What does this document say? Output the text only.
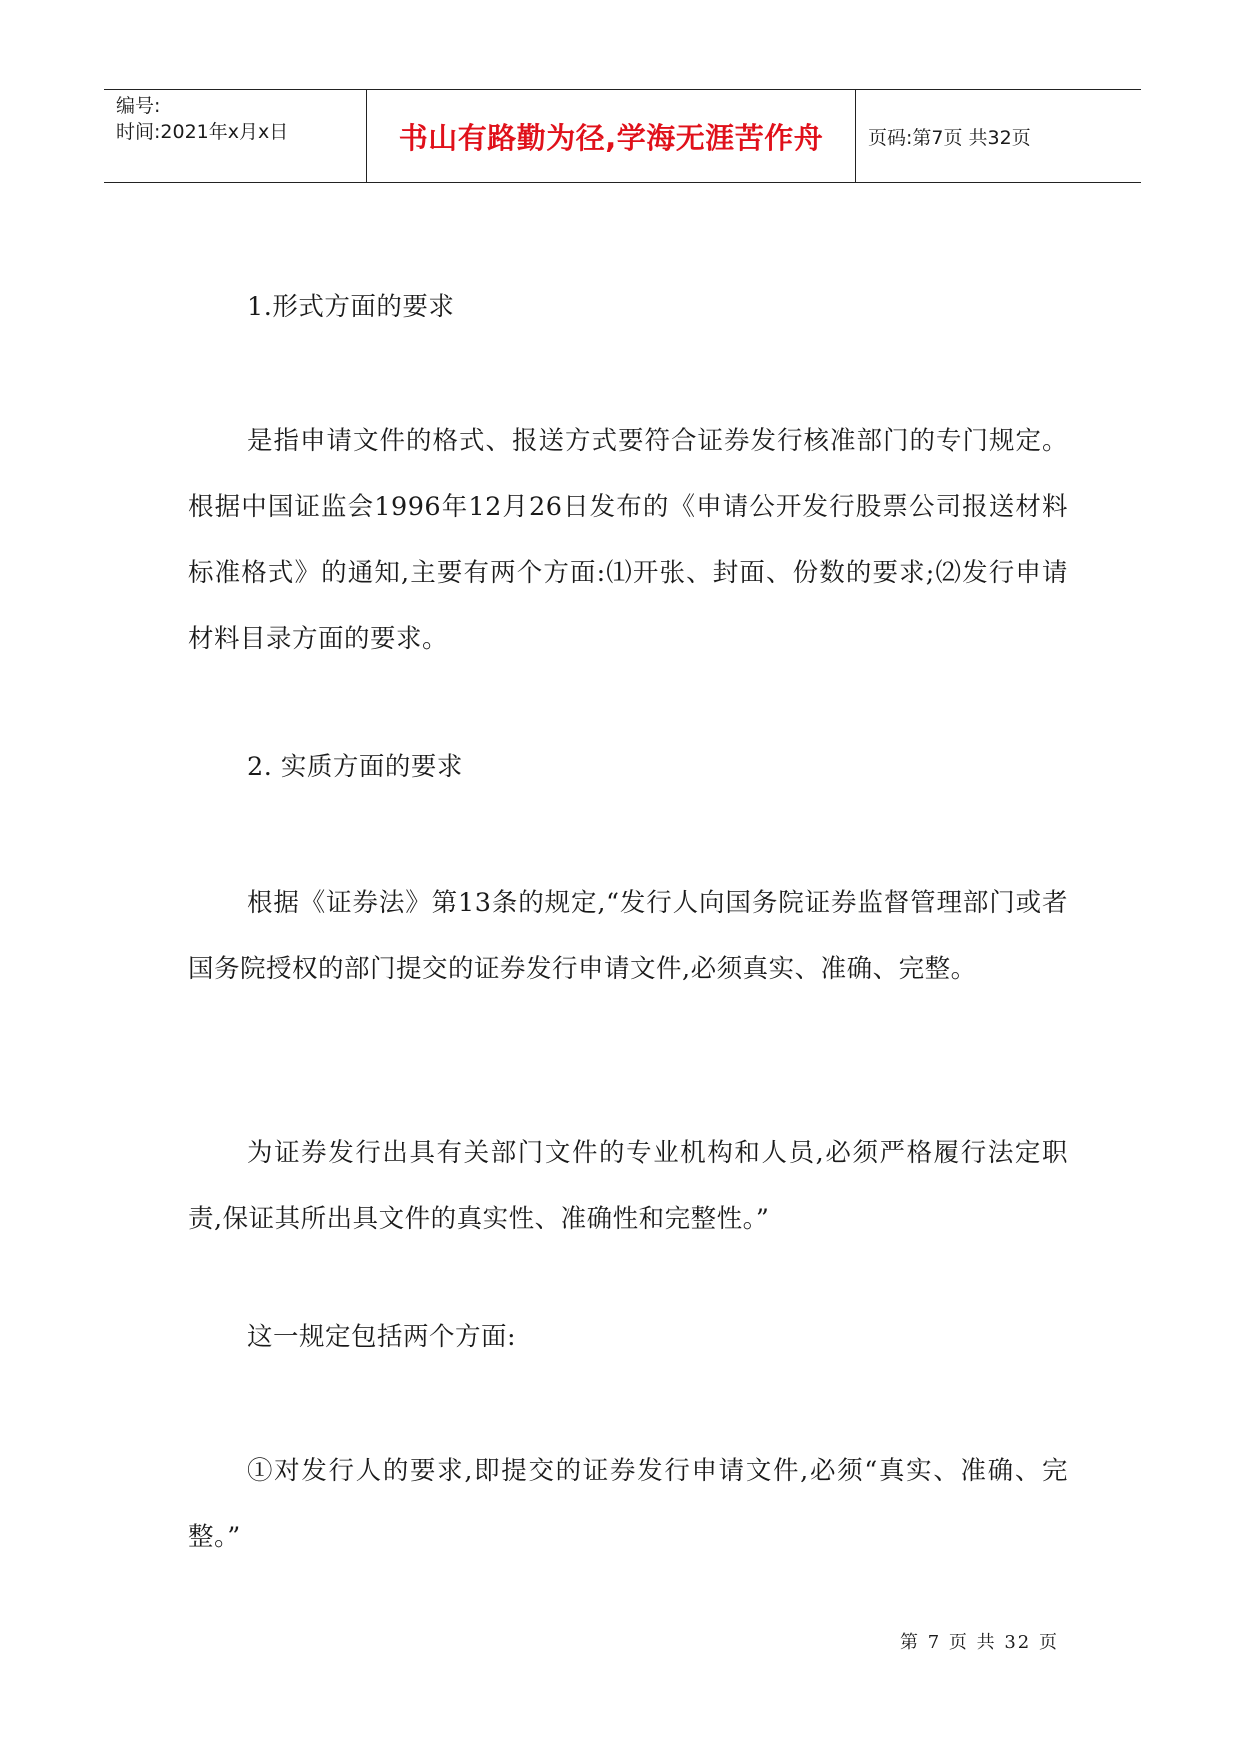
编号:
时间:2021年x月x日	书山有路勤为径,学海无涯苦作舟	页码:第7页 共32页

1.形式方面的要求

是指申请文件的格式、报送方式要符合证券发行核准部门的专门规定。根据中国证监会1996年12月26日发布的《申请公开发行股票公司报送材料标准格式》的通知,主要有两个方面:⑴开张、封面、份数的要求;⑵发行申请材料目录方面的要求。

2. 实质方面的要求

根据《证券法》第13条的规定,“发行人向国务院证券监督管理部门或者国务院授权的部门提交的证券发行申请文件,必须真实、准确、完整。

为证券发行出具有关部门文件的专业机构和人员,必须严格履行法定职责,保证其所出具文件的真实性、准确性和完整性。”

这一规定包括两个方面:

①对发行人的要求,即提交的证券发行申请文件,必须“真实、准确、完整。”

第 7 页 共 32 页
